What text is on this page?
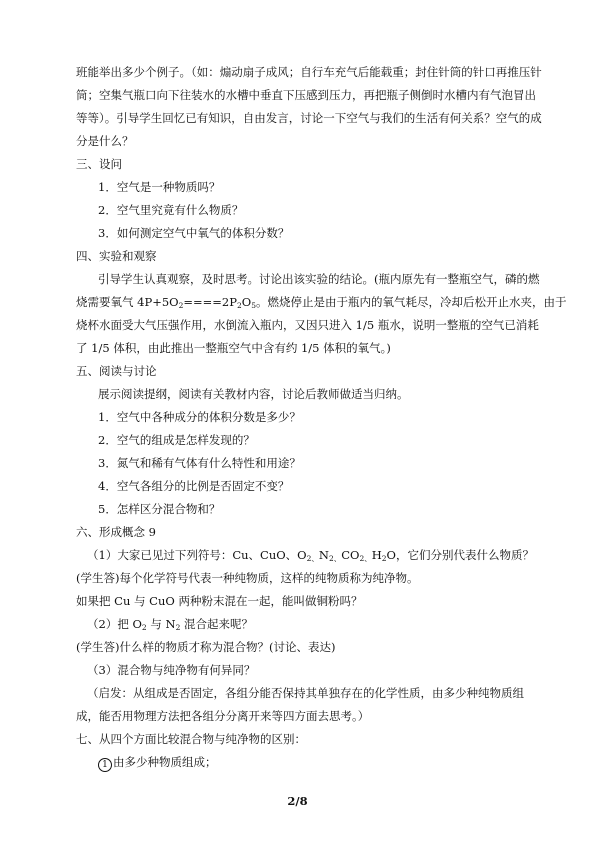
班能举出多少个例子。（如：煽动扇子成风；自行车充气后能载重；封住针筒的针口再推压针
筒；空集气瓶口向下往装水的水槽中垂直下压感到压力，再把瓶子侧倒时水槽内有气泡冒出
等等）。引导学生回忆已有知识，自由发言，讨论一下空气与我们的生活有何关系？空气的成
分是什么？
三、设问
1．空气是一种物质吗？
2．空气里究竟有什么物质？
3．如何测定空气中氧气的体积分数？
四、实验和观察
引导学生认真观察，及时思考。讨论出该实验的结论。(瓶内原先有一整瓶空气，磷的燃
烧需要氧气 $4P+5O_2====2P_2O_5$。燃烧停止是由于瓶内的氧气耗尽，冷却后松开止水夹，由于
烧杯水面受大气压强作用，水倒流入瓶内，又因只进入 1/5 瓶水，说明一整瓶的空气已消耗
了 1/5 体积，由此推出一整瓶空气中含有约 1/5 体积的氧气。)
五、阅读与讨论
展示阅读提纲，阅读有关教材内容，讨论后教师做适当归纳。
1．空气中各种成分的体积分数是多少？
2．空气的组成是怎样发现的？
3．氮气和稀有气体有什么特性和用途？
4．空气各组分的比例是否固定不变？
5．怎样区分混合物和？
六、形成概念 9
（1）大家已见过下列符号：Cu、CuO、$O_{2、}N_{2、}CO_{2、}H_2O$，它们分别代表什么物质？
(学生答)每个化学符号代表一种纯物质，这样的纯物质称为纯净物。
如果把 Cu 与 CuO 两种粉末混在一起，能叫做铜粉吗？
（2）把 $O_2$ 与 $N_2$ 混合起来呢？
(学生答)什么样的物质才称为混合物？(讨论、表达)
（3）混合物与纯净物有何异同？
（启发：从组成是否固定，各组分能否保持其单独存在的化学性质，由多少种纯物质组
成，能否用物理方法把各组分分离开来等四方面去思考。）
七、从四个方面比较混合物与纯净物的区别：
1 由多少种物质组成；
2/8
